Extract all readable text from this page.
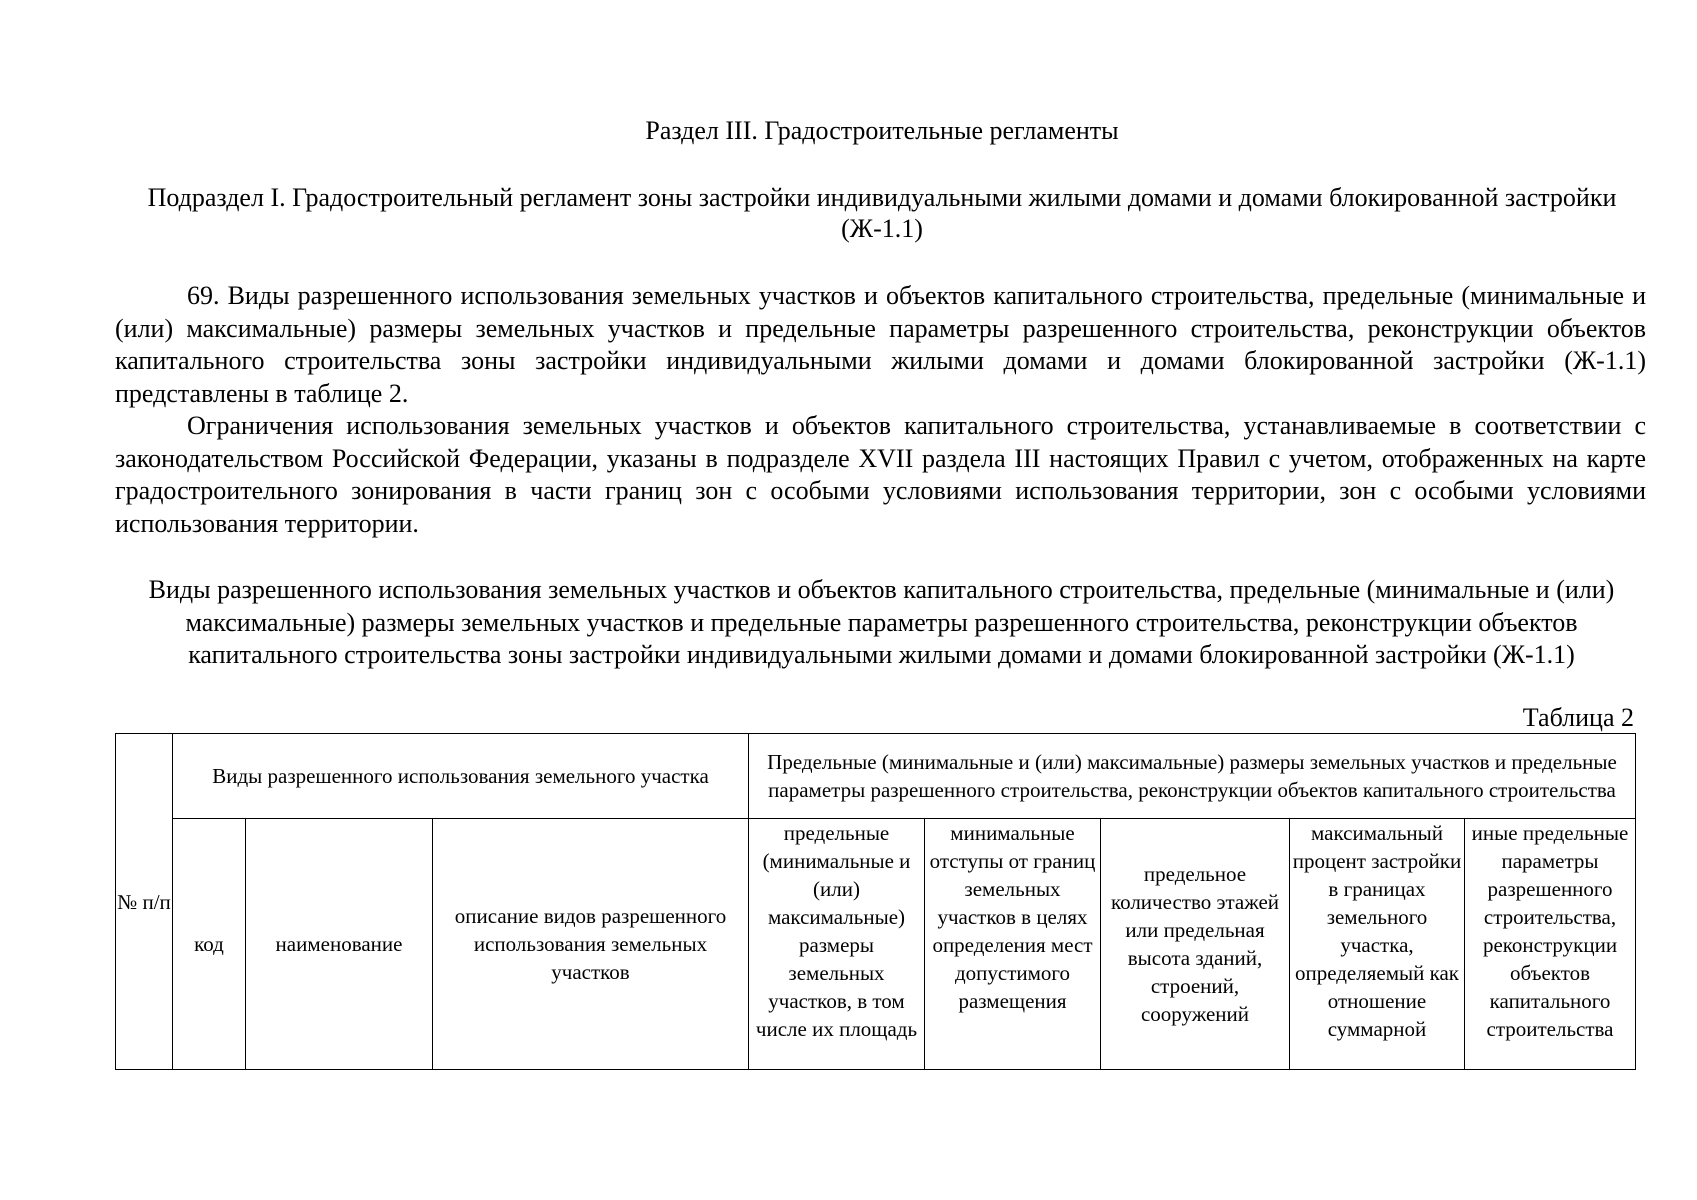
Раздел III. Градостроительные регламенты
Подраздел I. Градостроительный регламент зоны застройки индивидуальными жилыми домами и домами блокированной застройки (Ж-1.1)

69. Виды разрешенного использования земельных участков и объектов капитального строительства, предельные (минимальные и (или) максимальные) размеры земельных участков и предельные параметры разрешенного строительства, реконструкции объектов капитального строительства зоны застройки индивидуальными жилыми домами и домами блокированной застройки (Ж-1.1) представлены в таблице 2.

Ограничения использования земельных участков и объектов капитального строительства, устанавливаемые в соответствии с законодательством Российской Федерации, указаны в подразделе XVII раздела III настоящих Правил с учетом, отображенных на карте градостроительного зонирования в части границ зон с особыми условиями использования территории, зон с особыми условиями использования территории.

Виды разрешенного использования земельных участков и объектов капитального строительства, предельные (минимальные и (или) максимальные) размеры земельных участков и предельные параметры разрешенного строительства, реконструкции объектов капитального строительства зоны застройки индивидуальными жилыми домами и домами блокированной застройки (Ж-1.1)
Таблица 2
№ п/п	Виды разрешенного использования земельного участка			Предельные (минимальные и (или) максимальные) размеры земельных участков и предельные параметры разрешенного строительства, реконструкции объектов капитального строительства				
	код	наименование	описание видов разрешенного использования земельных участков	предельные (минимальные и (или) максимальные) размеры земельных участков, в том числе их площадь	минимальные отступы от границ земельных участков в целях определения мест допустимого размещения	предельное количество этажей или предельная высота зданий, строений, сооружений	максимальный процент застройки в границах земельного участка, определяемый как отношение суммарной	иные предельные параметры разрешенного строительства, реконструкции объектов капитального строительства
